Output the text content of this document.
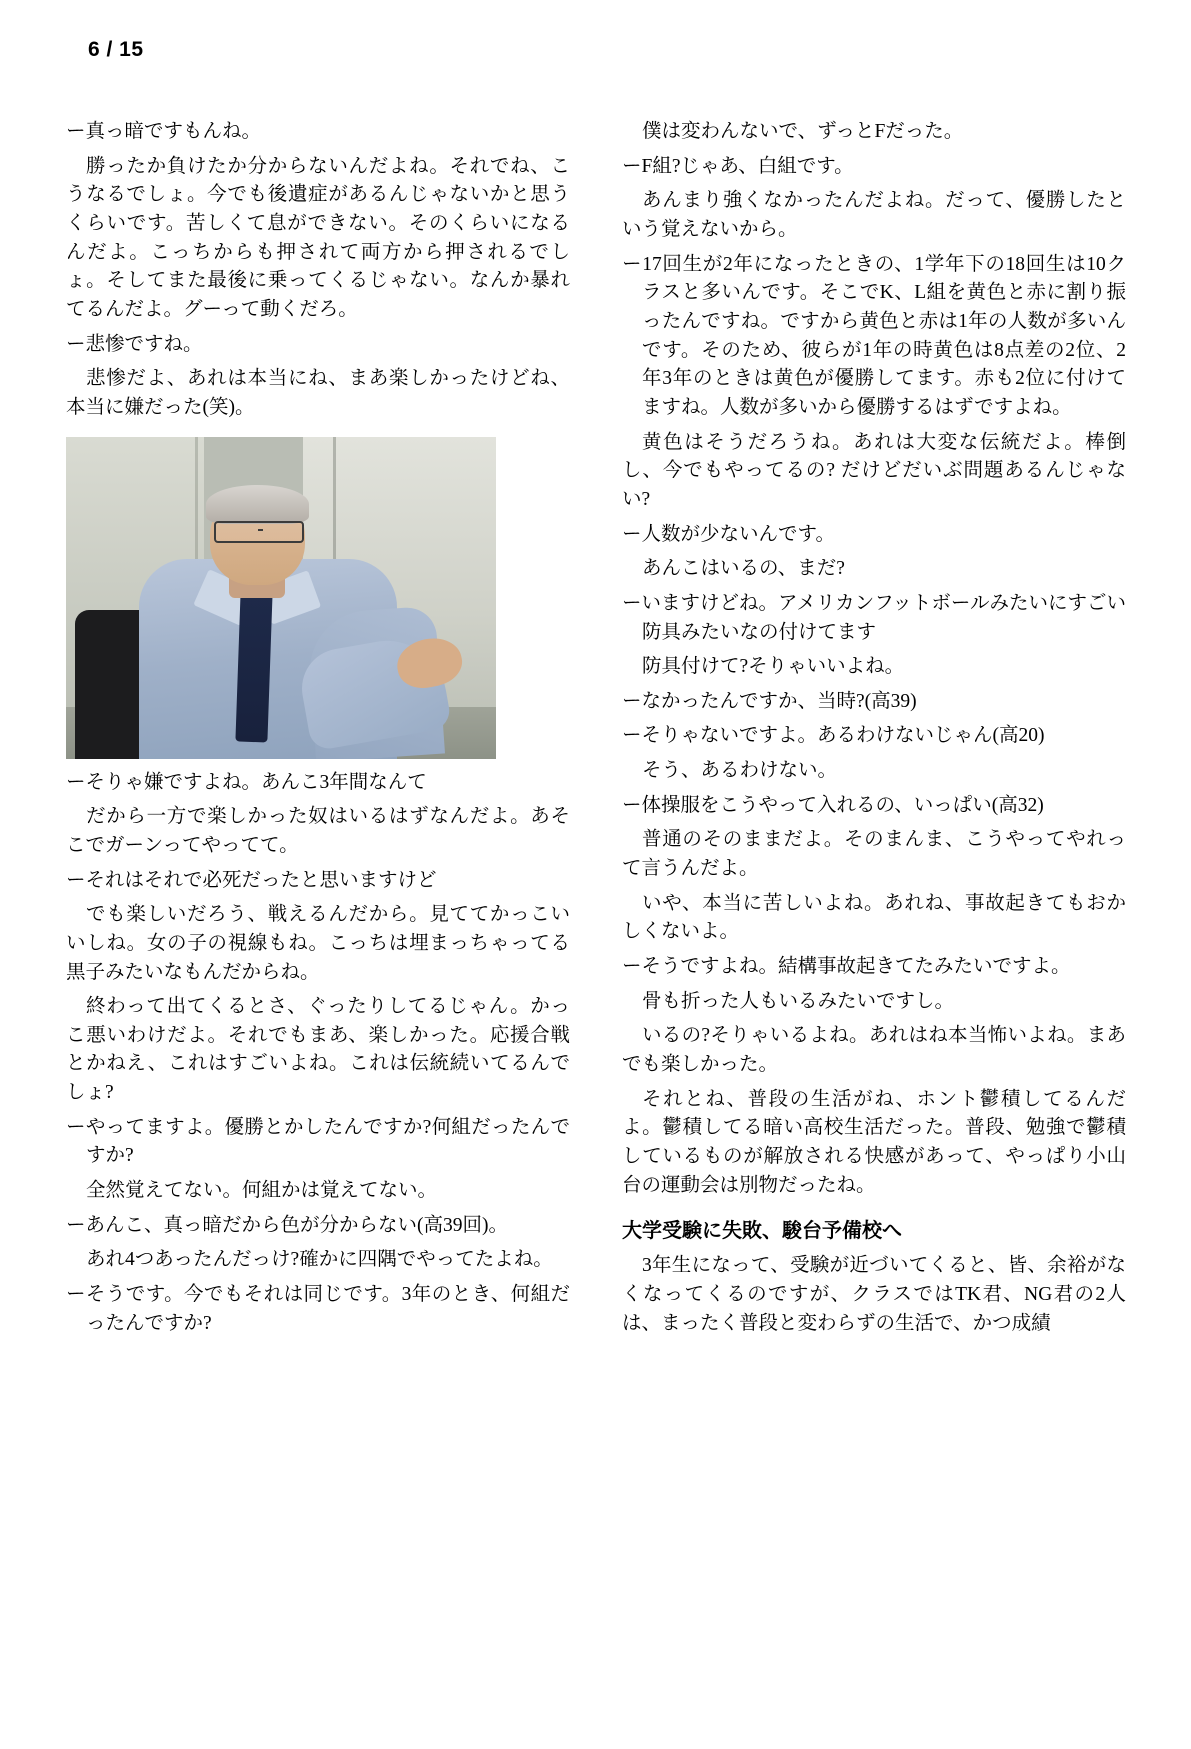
6 / 15

ー真っ暗ですもんね。

勝ったか負けたか分からないんだよね。それでね、こうなるでしょ。今でも後遺症があるんじゃないかと思うくらいです。苦しくて息ができない。そのくらいになるんだよ。こっちからも押されて両方から押されるでしょ。そしてまた最後に乗ってくるじゃない。なんか暴れてるんだよ。グーって動くだろ。

ー悲惨ですね。

悲惨だよ、あれは本当にね、まあ楽しかったけどね、本当に嫌だった(笑)。

ーそりゃ嫌ですよね。あんこ3年間なんて

だから一方で楽しかった奴はいるはずなんだよ。あそこでガーンってやってて。

ーそれはそれで必死だったと思いますけど

でも楽しいだろう、戦えるんだから。見ててかっこいいしね。女の子の視線もね。こっちは埋まっちゃってる黒子みたいなもんだからね。

終わって出てくるとさ、ぐったりしてるじゃん。かっこ悪いわけだよ。それでもまあ、楽しかった。応援合戦とかねえ、これはすごいよね。これは伝統続いてるんでしょ?

ーやってますよ。優勝とかしたんですか?何組だったんですか?

全然覚えてない。何組かは覚えてない。

ーあんこ、真っ暗だから色が分からない(高39回)。

あれ4つあったんだっけ?確かに四隅でやってたよね。

ーそうです。今でもそれは同じです。3年のとき、何組だったんですか?

僕は変わんないで、ずっとFだった。

ーF組?じゃあ、白組です。

あんまり強くなかったんだよね。だって、優勝したという覚えないから。

ー17回生が2年になったときの、1学年下の18回生は10クラスと多いんです。そこでK、L組を黄色と赤に割り振ったんですね。ですから黄色と赤は1年の人数が多いんです。そのため、彼らが1年の時黄色は8点差の2位、2年3年のときは黄色が優勝してます。赤も2位に付けてますね。人数が多いから優勝するはずですよね。

黄色はそうだろうね。あれは大変な伝統だよ。棒倒し、今でもやってるの? だけどだいぶ問題あるんじゃない?

ー人数が少ないんです。

あんこはいるの、まだ?

ーいますけどね。アメリカンフットボールみたいにすごい防具みたいなの付けてます

防具付けて?そりゃいいよね。

ーなかったんですか、当時?(高39)

ーそりゃないですよ。あるわけないじゃん(高20)

そう、あるわけない。

ー体操服をこうやって入れるの、いっぱい(高32)

普通のそのままだよ。そのまんま、こうやってやれって言うんだよ。

いや、本当に苦しいよね。あれね、事故起きてもおかしくないよ。

ーそうですよね。結構事故起きてたみたいですよ。

骨も折った人もいるみたいですし。

いるの?そりゃいるよね。あれはね本当怖いよね。まあでも楽しかった。

それとね、普段の生活がね、ホント鬱積してるんだよ。鬱積してる暗い高校生活だった。普段、勉強で鬱積しているものが解放される快感があって、やっぱり小山台の運動会は別物だったね。

大学受験に失敗、駿台予備校へ

3年生になって、受験が近づいてくると、皆、余裕がなくなってくるのですが、クラスではTK君、NG君の2人は、まったく普段と変わらずの生活で、かつ成績
